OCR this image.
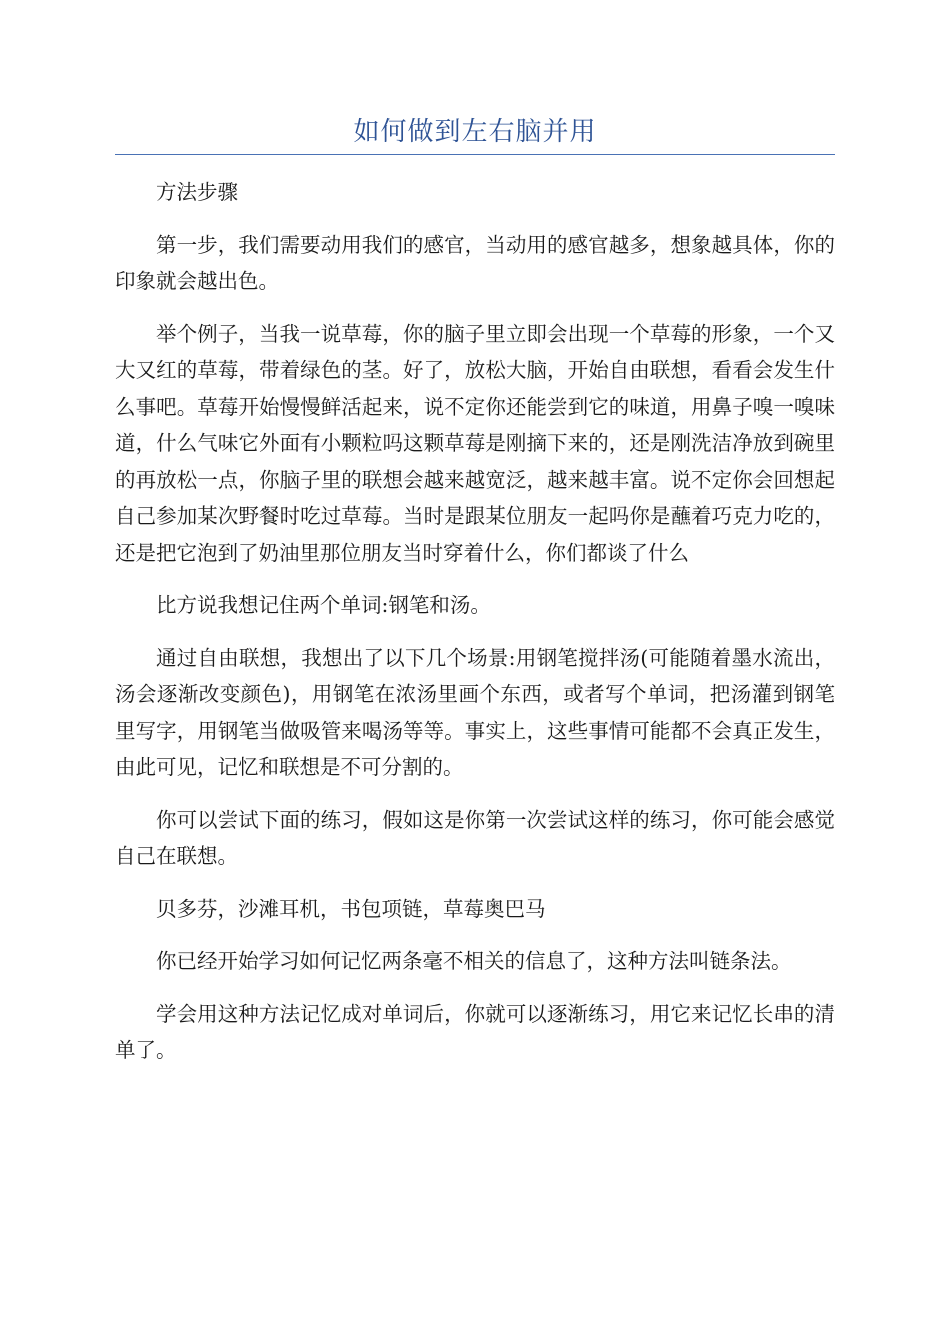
如何做到左右脑并用

方法步骤

第一步，我们需要动用我们的感官，当动用的感官越多，想象越具体，你的印象就会越出色。

举个例子，当我一说草莓，你的脑子里立即会出现一个草莓的形象，一个又大又红的草莓，带着绿色的茎。好了，放松大脑，开始自由联想，看看会发生什么事吧。草莓开始慢慢鲜活起来，说不定你还能尝到它的味道，用鼻子嗅一嗅味道，什么气味它外面有小颗粒吗这颗草莓是刚摘下来的，还是刚洗洁净放到碗里的再放松一点，你脑子里的联想会越来越宽泛，越来越丰富。说不定你会回想起自己参加某次野餐时吃过草莓。当时是跟某位朋友一起吗你是蘸着巧克力吃的，还是把它泡到了奶油里那位朋友当时穿着什么，你们都谈了什么

比方说我想记住两个单词:钢笔和汤。

通过自由联想，我想出了以下几个场景:用钢笔搅拌汤(可能随着墨水流出，汤会逐渐改变颜色)，用钢笔在浓汤里画个东西，或者写个单词，把汤灌到钢笔里写字，用钢笔当做吸管来喝汤等等。事实上，这些事情可能都不会真正发生，由此可见，记忆和联想是不可分割的。

你可以尝试下面的练习，假如这是你第一次尝试这样的练习，你可能会感觉自己在联想。

贝多芬，沙滩耳机，书包项链，草莓奥巴马

你已经开始学习如何记忆两条毫不相关的信息了，这种方法叫链条法。

学会用这种方法记忆成对单词后，你就可以逐渐练习，用它来记忆长串的清单了。
